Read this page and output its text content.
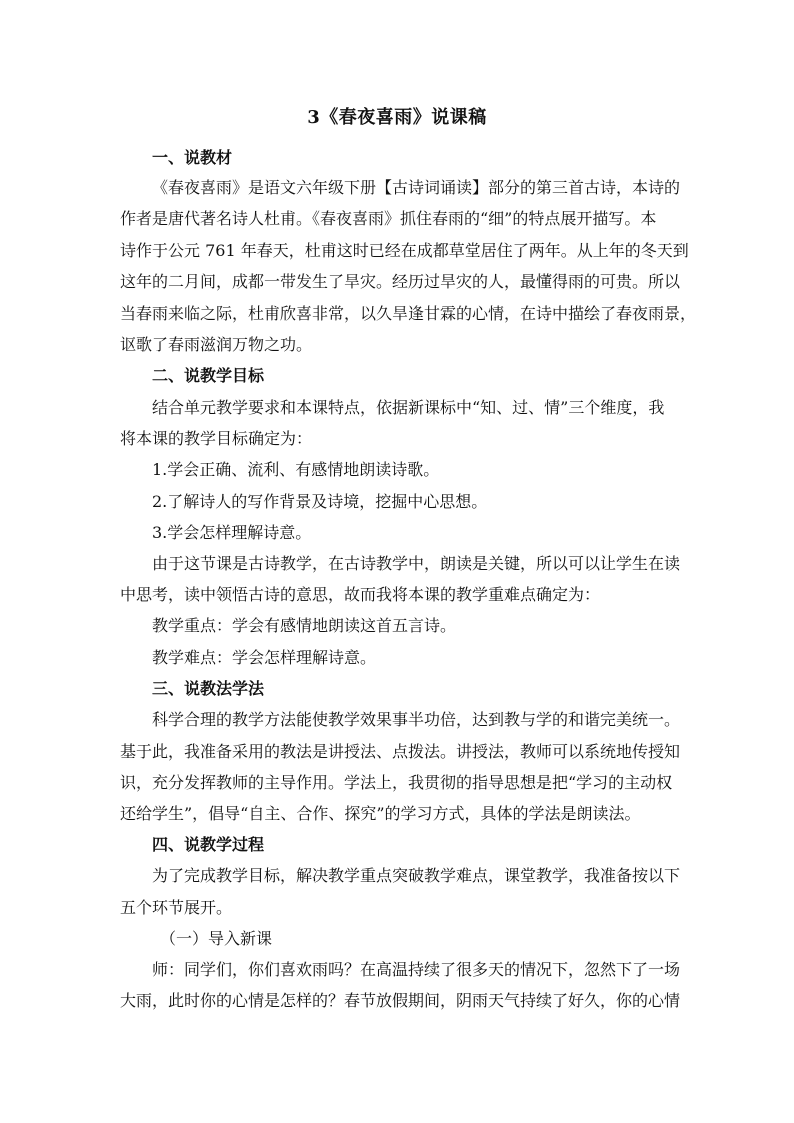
3《春夜喜雨》说课稿
一、说教材
《春夜喜雨》是语文六年级下册【古诗词诵读】部分的第三首古诗，本诗的
作者是唐代著名诗人杜甫。《春夜喜雨》抓住春雨的“细”的特点展开描写。本
诗作于公元 761 年春天，杜甫这时已经在成都草堂居住了两年。从上年的冬天到
这年的二月间，成都一带发生了旱灾。经历过旱灾的人，最懂得雨的可贵。所以
当春雨来临之际，杜甫欣喜非常，以久旱逢甘霖的心情，在诗中描绘了春夜雨景，
讴歌了春雨滋润万物之功。
二、说教学目标
结合单元教学要求和本课特点，依据新课标中“知、过、情”三个维度，我
将本课的教学目标确定为：
1.学会正确、流利、有感情地朗读诗歌。
2.了解诗人的写作背景及诗境，挖掘中心思想。
3.学会怎样理解诗意。
由于这节课是古诗教学，在古诗教学中，朗读是关键，所以可以让学生在读
中思考，读中领悟古诗的意思，故而我将本课的教学重难点确定为：
教学重点：学会有感情地朗读这首五言诗。
教学难点：学会怎样理解诗意。
三、说教法学法
科学合理的教学方法能使教学效果事半功倍，达到教与学的和谐完美统一。
基于此，我准备采用的教法是讲授法、点拨法。讲授法，教师可以系统地传授知
识，充分发挥教师的主导作用。学法上，我贯彻的指导思想是把“学习的主动权
还给学生”，倡导“自主、合作、探究”的学习方式，具体的学法是朗读法。
四、说教学过程
为了完成教学目标，解决教学重点突破教学难点，课堂教学，我准备按以下
五个环节展开。
（一）导入新课
师：同学们，你们喜欢雨吗？在高温持续了很多天的情况下，忽然下了一场
大雨，此时你的心情是怎样的？春节放假期间，阴雨天气持续了好久，你的心情
